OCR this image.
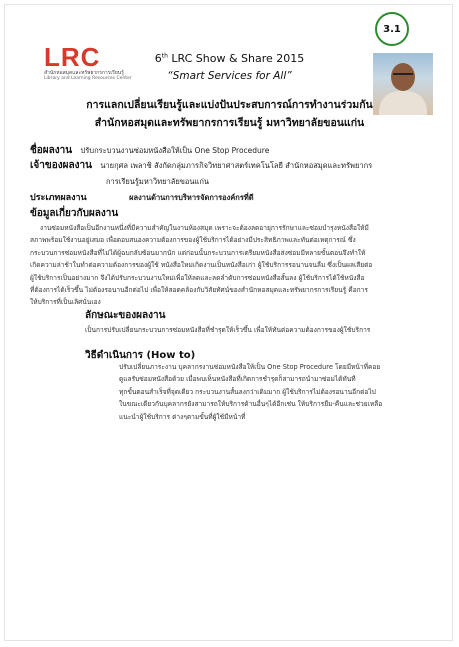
3.1
LRC
สำนักหอสมุดและทรัพยากรการเรียนรู้
Library and Learning Resources Center
6th LRC Show & Share 2015
“Smart Services for All”
การแลกเปลี่ยนเรียนรู้และแบ่งปันประสบการณ์การทำงานร่วมกัน
สำนักหอสมุดและทรัพยากรการเรียนรู้ มหาวิทยาลัยขอนแก่น
ชื่อผลงาน ปรับกระบวนงานซ่อมหนังสือให้เป็น One Stop Procedure
เจ้าของผลงาน นายกุศล เพลาชิ สังกัดกลุ่มภารกิจวิทยาศาสตร์เทคโนโลยี สำนักหอสมุดและทรัพยากร
การเรียนรู้มหาวิทยาลัยขอนแก่น
ประเภทผลงาน	ผลงานด้านการบริหารจัดการองค์กรที่ดี
ข้อมูลเกี่ยวกับผลงาน
งานซ่อมหนังสือเป็นอีกงานหนึ่งที่มีความสำคัญในงานห้องสมุด เพราะจะต้องลดอายุการรักษาและซ่อมบำรุงหนังสือให้มี
สภาพพร้อมใช้งานอยู่เสมอ เพื่อตอบสนองความต้องการของผู้ใช้บริการได้อย่างมีประสิทธิภาพและทันต่อเหตุการณ์ ซึ่ง
กระบวนการซ่อมหนังสือที่ไม่ได้ผู้ฉบกลับซ้อนมากนัก แต่ก่อนนั้นกระบวนการเตรียมหนังสือส่งซ่อมมีหลายขั้นตอนจึงทำให้
เกิดความล่าช้าในทำต่อความต้องการของผู้ใช้ หนังสือใหม่เกิดงานเป็นหนังสือเก่า ผู้ใช้บริการรอนานจนลืม ซึ่งเป็นผลเสียต่อ
ผู้ใช้บริการเป็นอย่างมาก จึงได้ปรับกระบวนงานใหม่เพื่อให้ลดและลดลำดับการซ่อมหนังสือสั้นลง ผู้ใช้บริการได้ใช้หนังสือ
ที่ต้องการได้เร็วขึ้น ไม่ต้องรอนานอีกต่อไป เพื่อให้สอดคล้องกับวิสัยทัศน์ของสำนักหอสมุดและทรัพยากรการเรียนรู้ คือการ
ให้บริการที่เป็นเลิศนั่นเอง
ลักษณะของผลงาน
เป็นการปรับเปลี่ยนกระบวนการซ่อมหนังสือที่ชำรุดให้เร็วขึ้น เพื่อให้ทันต่อความต้องการของผู้ใช้บริการ
วิธีดำเนินการ (How to)
ปรับเปลี่ยนภาระงาน บุคลากรงานซ่อมหนังสือให้เป็น One Stop Procedure โดยมีหน้าที่คอย
ดูแลรับซ่อมหนังสือด้วย เมื่อพบเห็นหนังสือที่เกิดการชำรุดก็สามารถนำมาซ่อมได้ทันที
ทุกขั้นตอนสำเร็จที่จุดเดียว กระบวนงานสั้นลงกว่าเดิมมาก ผู้ใช้บริการไม่ต้องรอนานอีกต่อไป
ในขณะเดียวกันบุคลากรยังสามารถให้บริการด้านอื่นๆได้อีกเช่น ให้บริการยืม-คืนและช่วยเหลือ
แนะนำผู้ใช้บริการ ต่างๆตามขั้นที่ผู้ใช้มีหน้าที่
